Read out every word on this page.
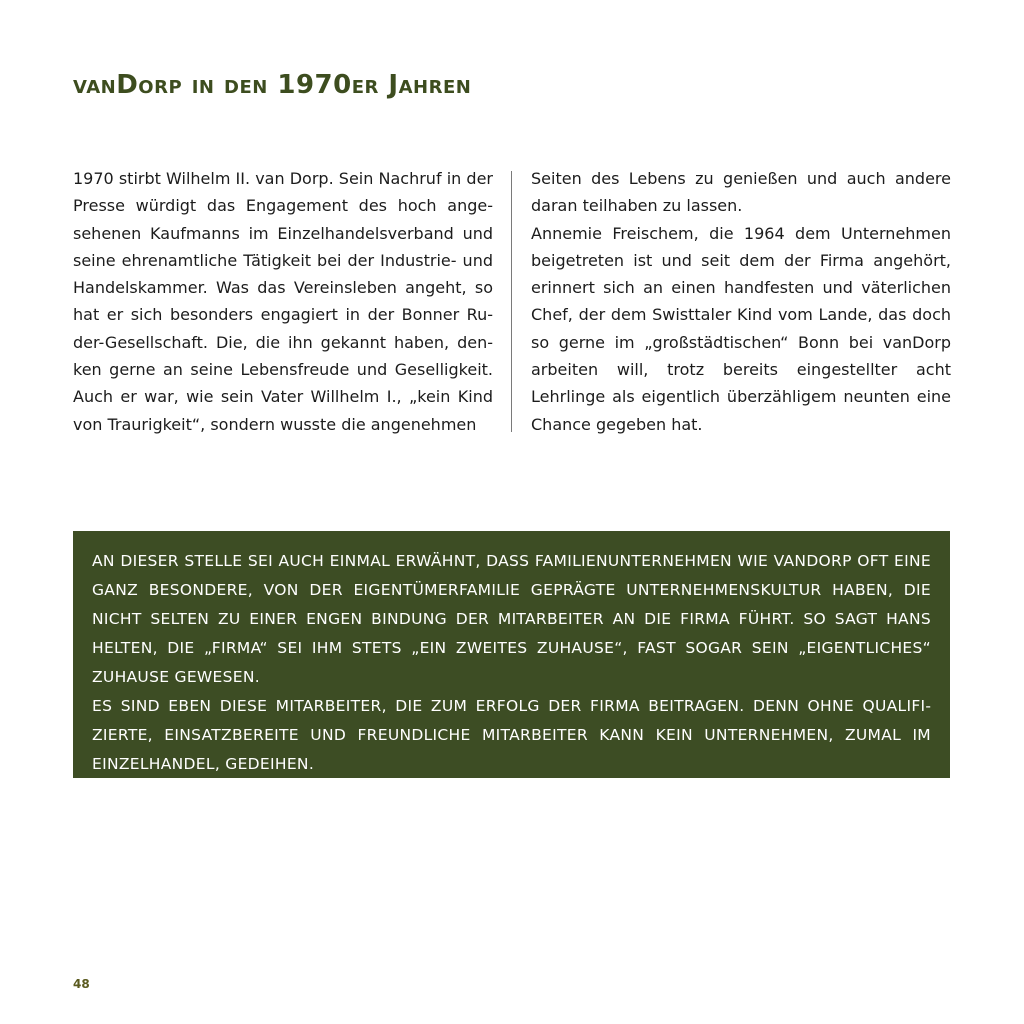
vanDorp in den 1970er Jahren

1970 stirbt Wilhelm II. van Dorp. Sein Nachruf in der Presse würdigt das Engagement des hoch angesehenen Kaufmanns im Einzelhandelsverband und seine ehrenamtliche Tätigkeit bei der Industrie- und Handelskammer. Was das Vereinsleben angeht, so hat er sich besonders engagiert in der Bonner Ruder-Gesellschaft. Die, die ihn gekannt haben, denken gerne an seine Lebensfreude und Geselligkeit. Auch er war, wie sein Vater Willhelm I., „kein Kind von Traurigkeit“, sondern wusste die angenehmen

Seiten des Lebens zu genießen und auch andere daran teilhaben zu lassen.

Annemie Freischem, die 1964 dem Unternehmen beigetreten ist und seit dem der Firma angehört, erinnert sich an einen handfesten und väterlichen Chef, der dem Swisttaler Kind vom Lande, das doch so gerne im „großstädtischen“ Bonn bei vanDorp arbeiten will, trotz bereits eingestellter acht Lehrlinge als eigentlich überzähligem neunten eine Chance gegeben hat.

AN DIESER STELLE SEI AUCH EINMAL ERWÄHNT, DASS FAMILIENUNTERNEHMEN WIE VANDORP OFT EINE GANZ BESONDERE, VON DER EIGENTÜMERFAMILIE GEPRÄGTE UNTERNEHMENSKULTUR HABEN, DIE NICHT SELTEN ZU EINER ENGEN BINDUNG DER MITARBEITER AN DIE FIRMA FÜHRT. SO SAGT HANS HELTEN, DIE „FIRMA“ SEI IHM STETS „EIN ZWEITES ZUHAUSE“, FAST SOGAR SEIN „EIGENTLICHES“ ZUHAUSE GEWESEN.

ES SIND EBEN DIESE MITARBEITER, DIE ZUM ERFOLG DER FIRMA BEITRAGEN. DENN OHNE QUALIFIZIERTE, EINSATZBEREITE UND FREUNDLICHE MITARBEITER KANN KEIN UNTERNEHMEN, ZUMAL IM EINZELHANDEL, GEDEIHEN.

48
